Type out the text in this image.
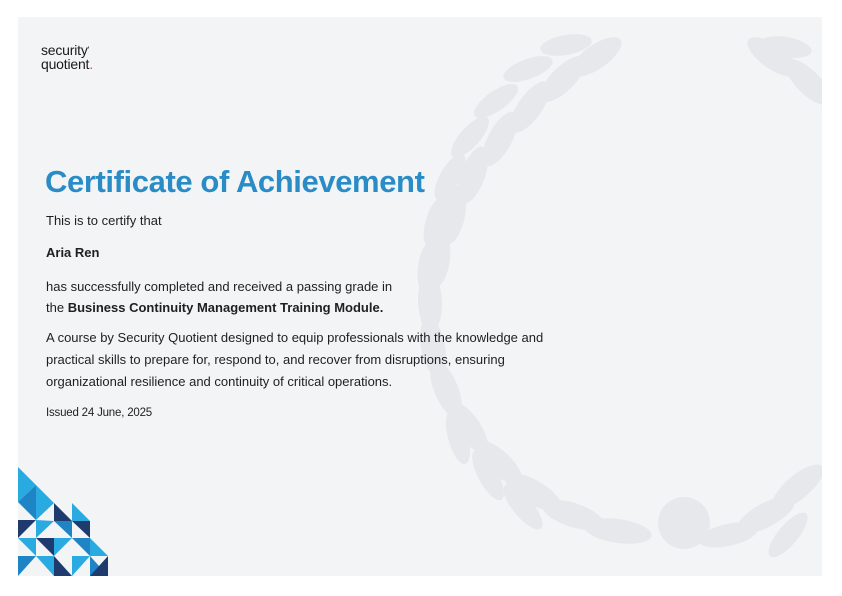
security'
quotient.
Certificate of Achievement

This is to certify that

Aria Ren

has successfully completed and received a passing grade in

the Business Continuity Management Training Module.

A course by Security Quotient designed to equip professionals with the knowledge and practical skills to prepare for, respond to, and recover from disruptions, ensuring organizational resilience and continuity of critical operations.

Issued 24 June, 2025
